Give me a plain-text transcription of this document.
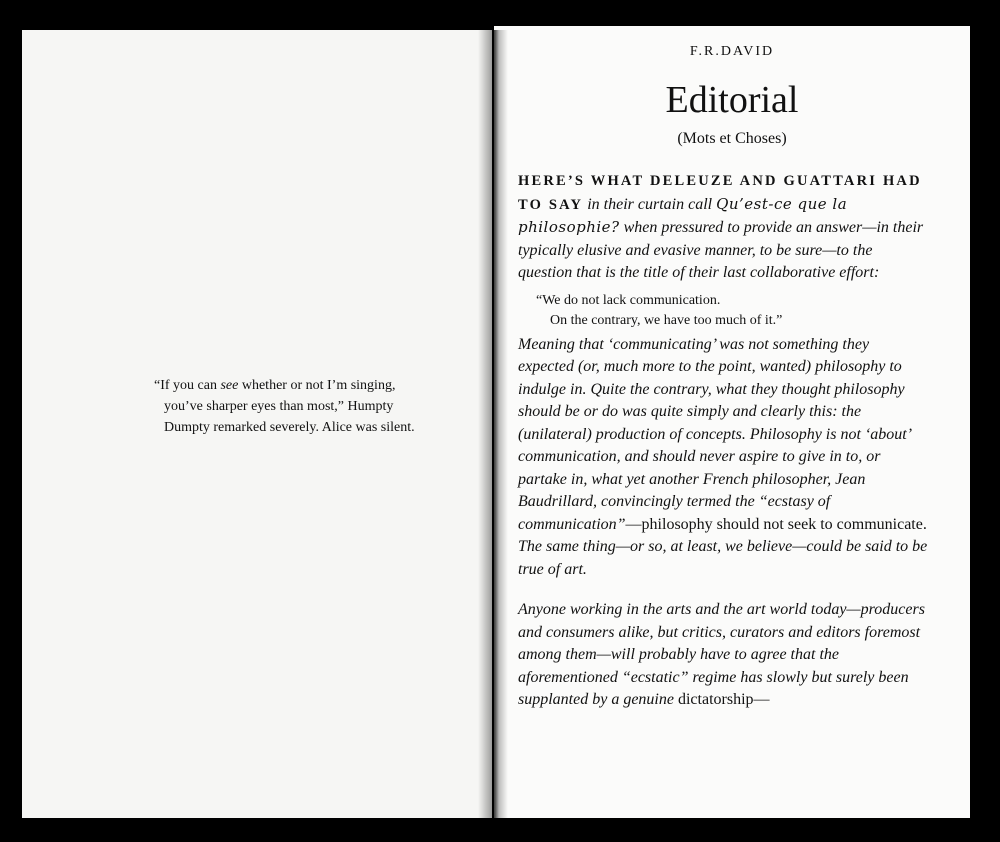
“If you can see whether or not I’m singing,
you’ve sharper eyes than most,” Humpty
Dumpty remarked severely. Alice was silent.
F.R.DAVID
Editorial
(Mots et Choses)

HERE’S WHAT DELEUZE AND GUATTARI HAD TO SAY in their curtain call Qu’est-ce que la philosophie? when pressured to provide an answer—in their typically elusive and evasive manner, to be sure—to the question that is the title of their last collaborative effort:

“We do not lack communication.
On the contrary, we have too much of it.”

Meaning that ‘communicating’ was not something they expected (or, much more to the point, wanted) philosophy to indulge in. Quite the contrary, what they thought philosophy should be or do was quite simply and clearly this: the (unilateral) production of concepts. Philosophy is not ‘about’ communication, and should never aspire to give in to, or partake in, what yet another French philosopher, Jean Baudrillard, convincingly termed the “ecstasy of communication”—philosophy should not seek to communicate. The same thing—or so, at least, we believe—could be said to be true of art.

Anyone working in the arts and the art world today—producers and consumers alike, but critics, curators and editors foremost among them—will probably have to agree that the aforementioned “ecstatic” regime has slowly but surely been supplanted by a genuine dictatorship—
